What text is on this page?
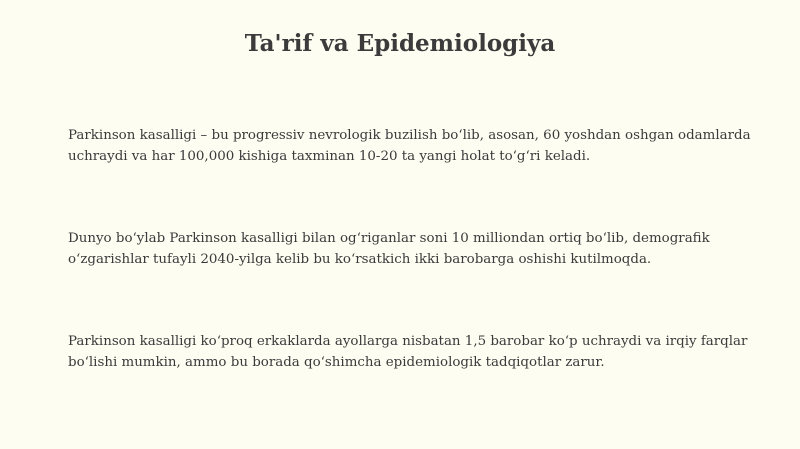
Ta'rif va Epidemiologiya
Parkinson kasalligi – bu progressiv nevrologik buzilish bo‘lib, asosan, 60 yoshdan oshgan odamlarda uchraydi va har 100,000 kishiga taxminan 10-20 ta yangi holat to‘g‘ri keladi.
Dunyo bo‘ylab Parkinson kasalligi bilan og‘riganlar soni 10 milliondan ortiq bo‘lib, demografik o‘zgarishlar tufayli 2040-yilga kelib bu ko‘rsatkich ikki barobarga oshishi kutilmoqda.
Parkinson kasalligi ko‘proq erkaklarda ayollarga nisbatan 1,5 barobar ko‘p uchraydi va irqiy farqlar bo‘lishi mumkin, ammo bu borada qo‘shimcha epidemiologik tadqiqotlar zarur.
